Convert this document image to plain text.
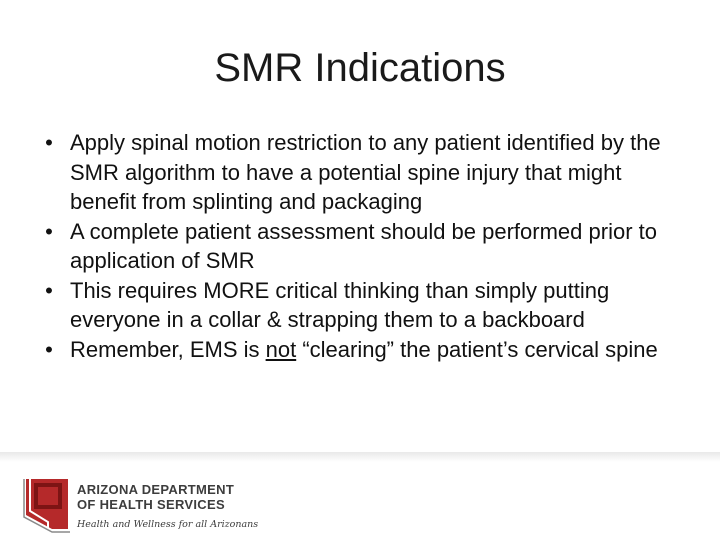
SMR Indications
• Apply spinal motion restriction to any patient identified by the SMR algorithm to have a potential spine injury that might benefit from splinting and packaging
• A complete patient assessment should be performed prior to application of SMR
• This requires MORE critical thinking than simply putting everyone in a collar & strapping them to a backboard
• Remember, EMS is not “clearing” the patient’s cervical spine
ARIZONA DEPARTMENT
OF HEALTH SERVICES
Health and Wellness for all Arizonans
